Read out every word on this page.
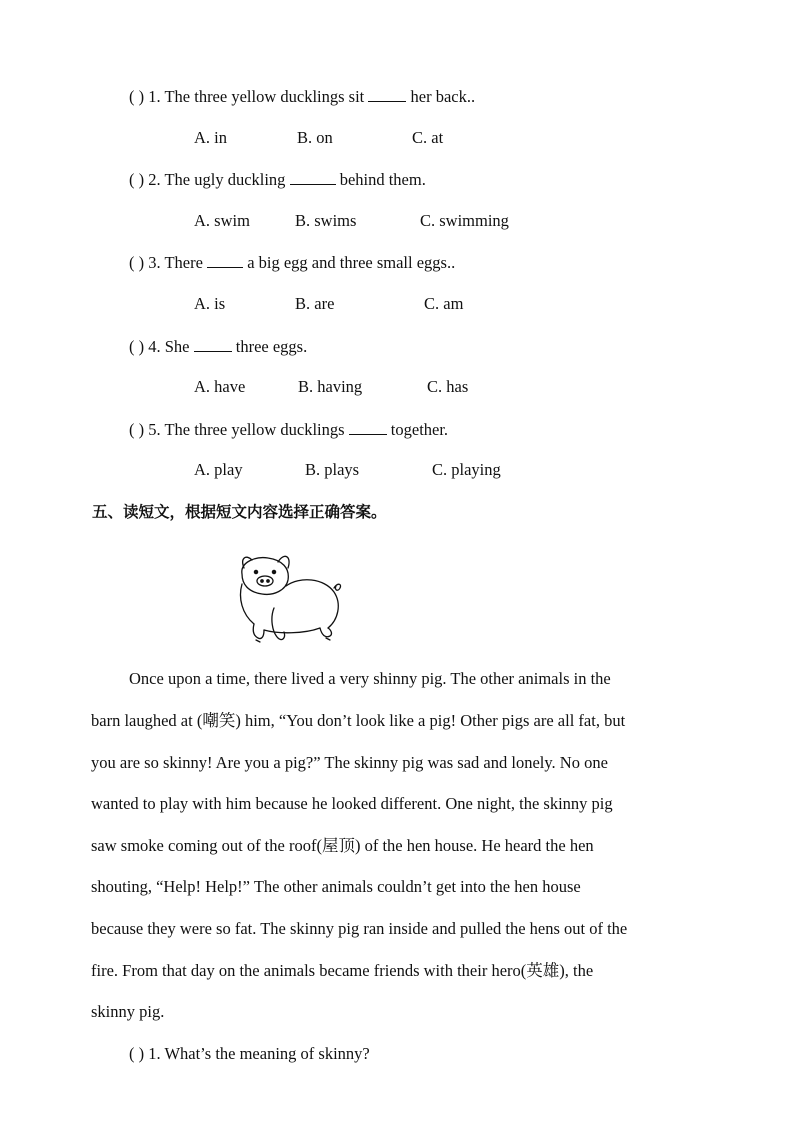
( ) 1. The three yellow ducklings sit	her back..
A. in	B. on	C. at
( ) 2. The ugly duckling	behind them.
A. swim	B. swims	C. swimming
( ) 3. There	a big egg and three small eggs..
A. is	B. are	C. am
( ) 4. She	three eggs.
A. have	B. having	C. has
( ) 5. The three yellow ducklings	together.
A. play	B. plays	C. playing
五、读短文，根据短文内容选择正确答案。
Once upon a time, there lived a very shinny pig. The other animals in the
barn laughed at (嘲笑) him, “You don’t look like a pig! Other pigs are all fat, but
you are so skinny! Are you a pig?” The skinny pig was sad and lonely. No one
wanted to play with him because he looked different. One night, the skinny pig
saw smoke coming out of the roof(屋顶) of the hen house. He heard the hen
shouting, “Help! Help!” The other animals couldn’t get into the hen house
because they were so fat. The skinny pig ran inside and pulled the hens out of the
fire. From that day on the animals became friends with their hero(英雄), the
skinny pig.
( ) 1. What’s the meaning of skinny?
